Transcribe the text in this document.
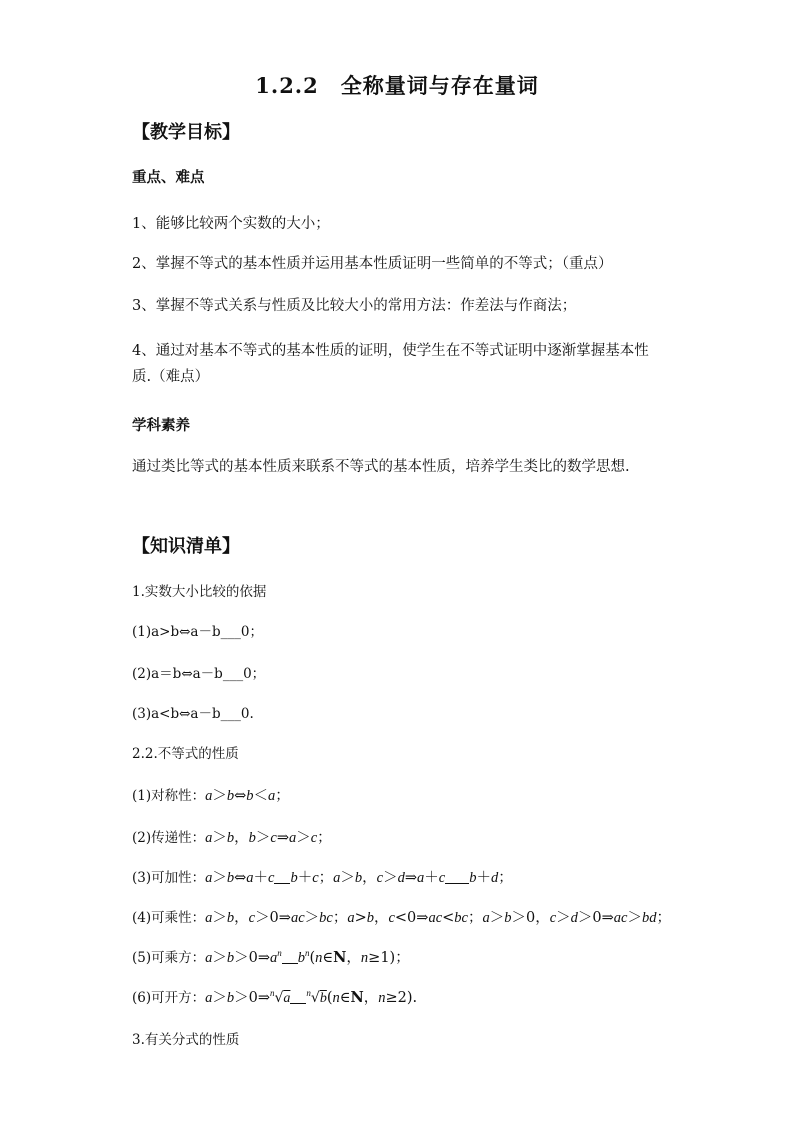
1.2.2　全称量词与存在量词
【教学目标】
重点、难点
1、能够比较两个实数的大小；
2、掌握不等式的基本性质并运用基本性质证明一些简单的不等式；（重点）
3、掌握不等式关系与性质及比较大小的常用方法：作差法与作商法；
4、通过对基本不等式的基本性质的证明，使学生在不等式证明中逐渐掌握基本性质.（难点）
学科素养
通过类比等式的基本性质来联系不等式的基本性质，培养学生类比的数学思想.
【知识清单】
1.实数大小比较的依据
(1)a>b⇔a－b___0；
(2)a＝b⇔a－b___0；
(3)a<b⇔a－b___0.
2.2.不等式的性质
(1)对称性：a＞b⇔b＜a；
(2)传递性：a＞b，b＞c⇒a＞c；
(3)可加性：a＞b⇔a＋c b＋c；a＞b，c＞d⇒a＋c b＋d；
(4)可乘性：a＞b，c＞0⇒ac＞bc；a>b，c<0⇒ac<bc；a＞b＞0，c＞d＞0⇒ac＞bd；
(5)可乘方：$a>b>0\Rightarrow a^n$ $b^n(n\in N$，n≥1)；
(6)可开方：a＞b＞0⇒$^n$√a $^n$√b(n∈N，n≥2).
3.有关分式的性质
